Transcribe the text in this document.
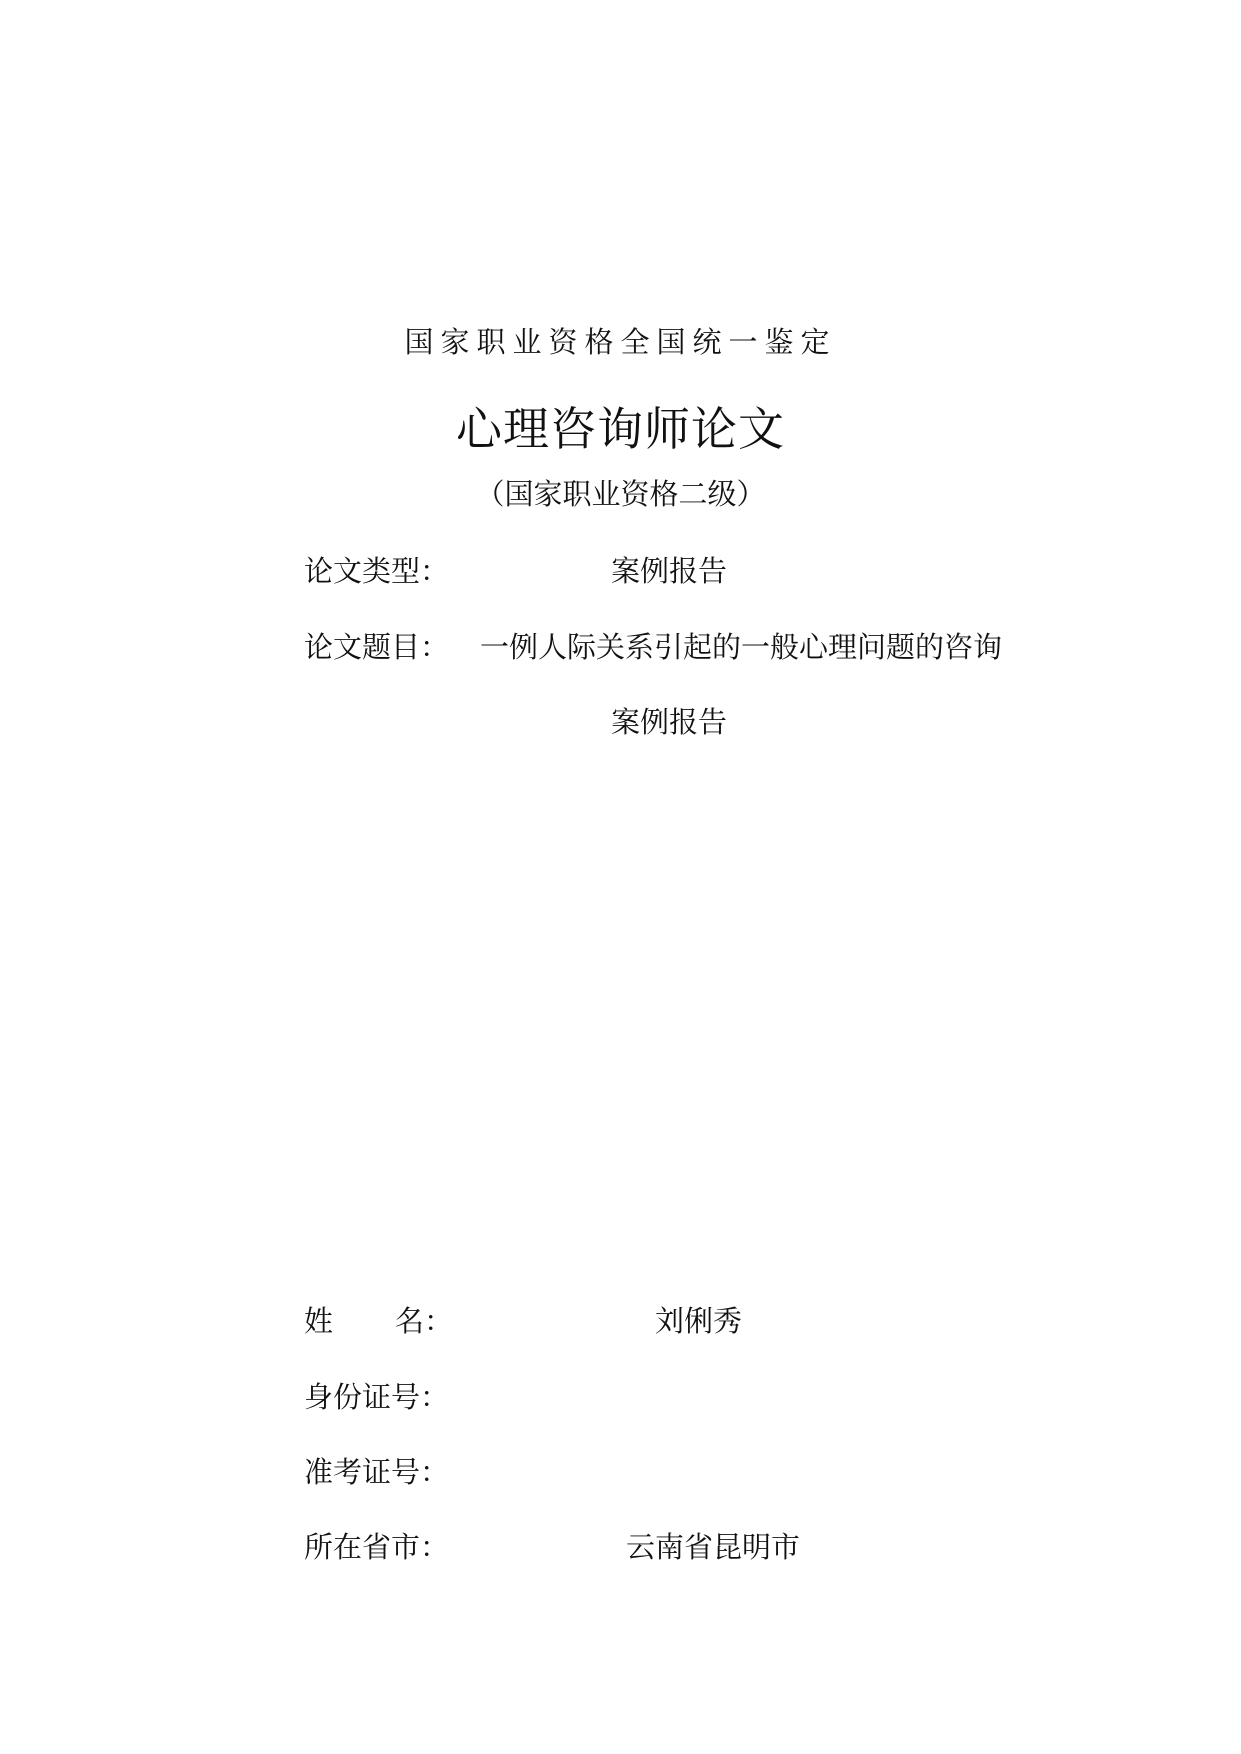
国家职业资格全国统一鉴定
心理咨询师论文
（国家职业资格二级）
论文类型：	案例报告
论文题目： 一例人际关系引起的一般心理问题的咨询
案例报告
姓 名：	刘俐秀
身份证号：
准考证号：
所在省市：	云南省昆明市
